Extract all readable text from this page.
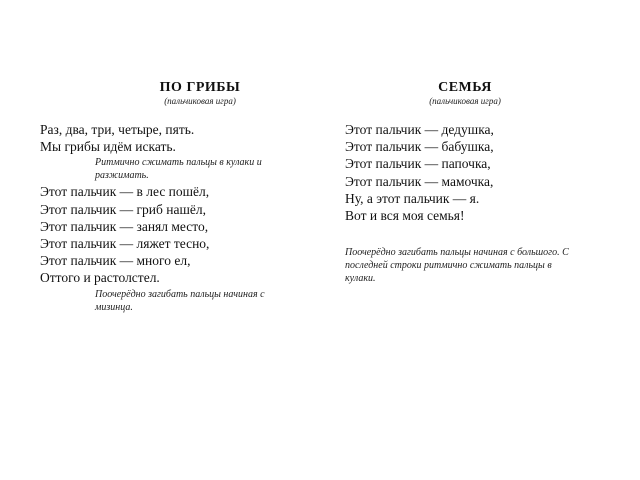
ПО ГРИБЫ

(пальчиковая игра)

Раз, два, три, четыре, пять.

Мы грибы идём искать.

Ритмично сжимать пальцы в кулаки и разжимать.

Этот пальчик — в лес пошёл,

Этот пальчик — гриб нашёл,

Этот пальчик — занял место,

Этот пальчик — ляжет тесно,

Этот пальчик — много ел,

Оттого и растолстел.

Поочерёдно загибать пальцы начиная с мизинца.

СЕМЬЯ

(пальчиковая игра)

Этот пальчик — дедушка,

Этот пальчик — бабушка,

Этот пальчик — папочка,

Этот пальчик — мамочка,

Ну, а этот пальчик — я.

Вот и вся моя семья!

Поочерёдно загибать пальцы начиная с большого. С последней строки ритмично сжимать пальцы в кулаки.
